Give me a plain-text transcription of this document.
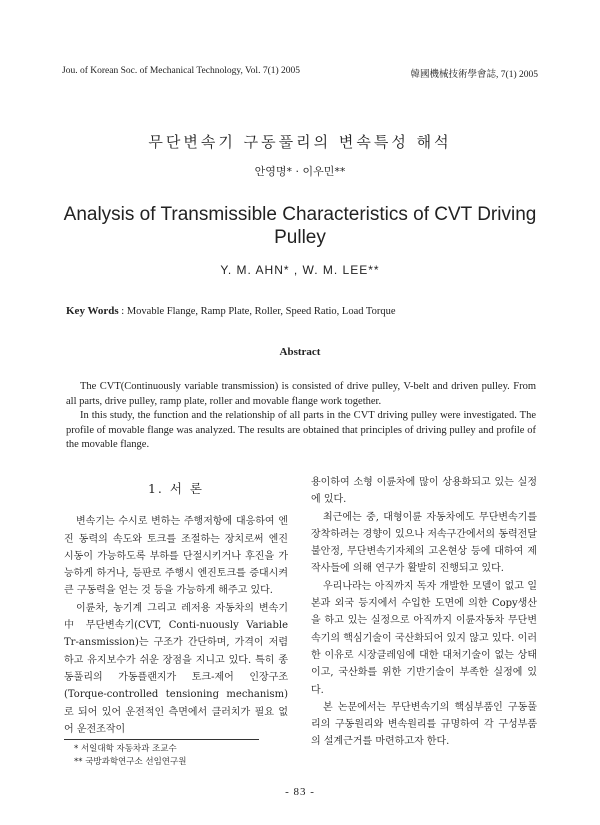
Jou. of Korean Soc. of Mechanical Technology, Vol. 7(1) 2005	韓國機械技術學會誌, 7(1) 2005
무단변속기 구동풀리의 변속특성 해석
안영명* · 이우민**
Analysis of Transmissible Characteristics of CVT Driving Pulley
Y. M. AHN* , W. M. LEE**
Key Words : Movable Flange, Ramp Plate, Roller, Speed Ratio, Load Torque
Abstract

The CVT(Continuously variable transmission) is consisted of drive pulley, V-belt and driven pulley. From all parts, drive pulley, ramp plate, roller and movable flange work together.

In this study, the function and the relationship of all parts in the CVT driving pulley were investigated. The profile of movable flange was analyzed. The results are obtained that principles of driving pulley and profile of the movable flange.

1. 서 론

변속기는 수시로 변하는 주행저항에 대응하여 엔진 동력의 속도와 토크를 조절하는 장치로써 엔진 시동이 가능하도록 부하를 단절시키거나 후진을 가능하게 하거나, 등판로 주행시 엔진토크를 증대시켜 큰 구동력을 얻는 것 등을 가능하게 해주고 있다.

이륜차, 농기계 그리고 레저용 자동차의 변속기中 무단변속기(CVT, Conti-nuously Variable Tr-ansmission)는 구조가 간단하며, 가격이 저렴하고 유지보수가 쉬운 장점을 지니고 있다. 특히 종동풀리의 가동플랜지가 토크-제어 인장구조(Torque-controlled tensioning mechanism)로 되어 있어 운전적인 측면에서 클러치가 필요 없어 운전조작이

용이하여 소형 이륜차에 많이 상용화되고 있는 실정에 있다.

최근에는 중, 대형이륜 자동차에도 무단변속기를 장착하려는 경향이 있으나 저속구간에서의 동력전달 불안정, 무단변속기자체의 고온현상 등에 대하여 제작사들에 의해 연구가 활발히 진행되고 있다.

우리나라는 아직까지 독자 개발한 모델이 없고 일본과 외국 등지에서 수입한 도면에 의한 Copy생산을 하고 있는 실정으로 아직까지 이륜자동차 무단변속기의 핵심기술이 국산화되어 있지 않고 있다. 이러한 이유로 시장클레임에 대한 대처기술이 없는 상태이고, 국산화를 위한 기반기술이 부족한 실정에 있다.

본 논문에서는 무단변속기의 핵심부품인 구동풀리의 구동원리와 변속원리를 규명하여 각 구성부품의 설계근거를 마련하고자 한다.

* 서일대학 자동차과 조교수
** 국방과학연구소 선임연구원
- 83 -
